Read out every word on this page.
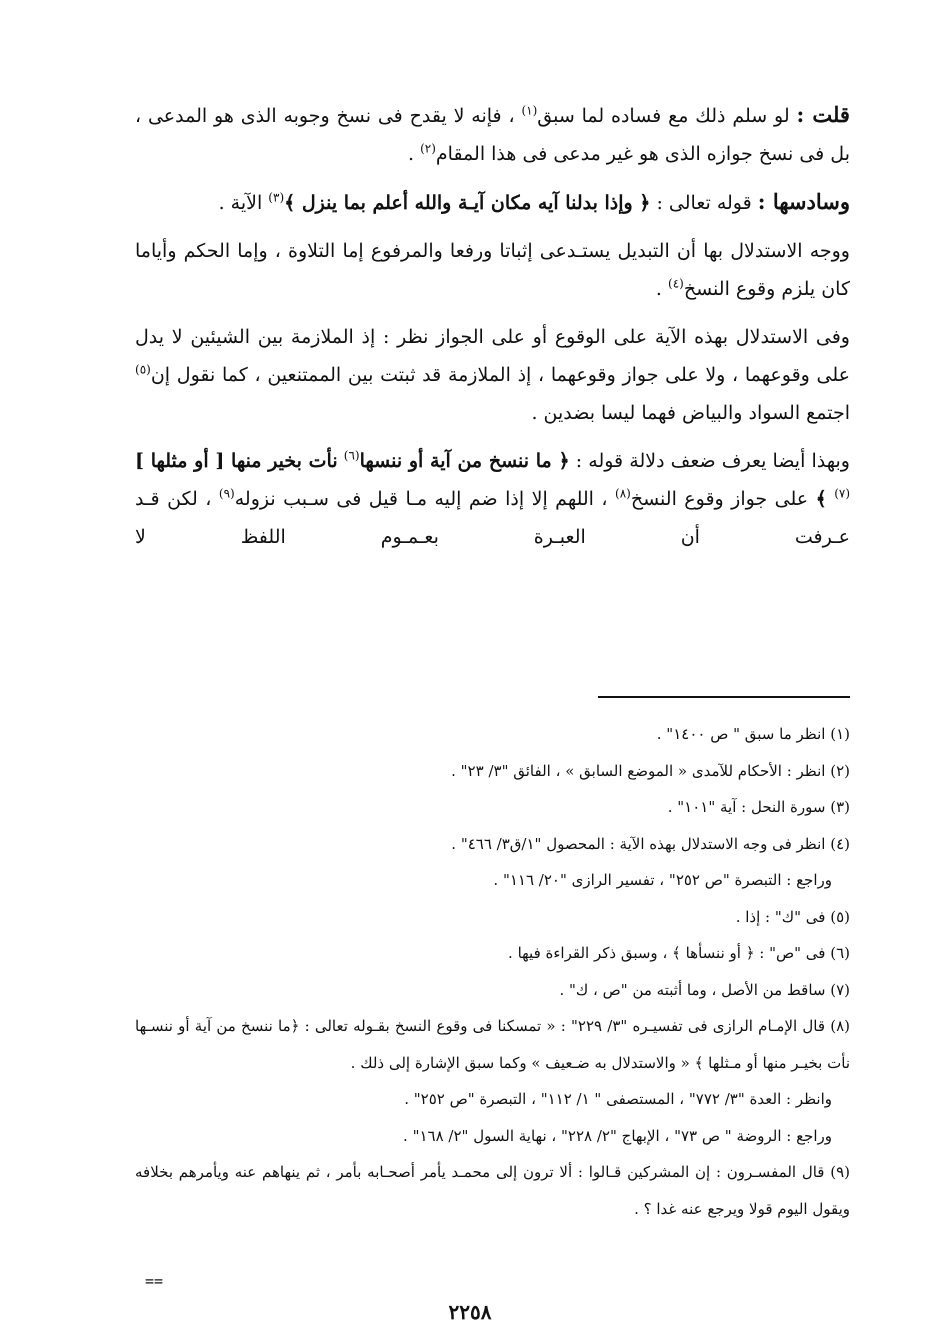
قلت : لو سلم ذلك مع فساده لما سبق$^{(١)}$ ، فإنه لا يقدح فى نسخ وجوبه الذى هو المدعى ، بل فى نسخ جوازه الذى هو غير مدعى فى هذا المقام$^{(٢)}$ .

وسادسها : قوله تعالى : ﴿ وإذا بدلنا آيه مكان آيـة والله أعلم بما ينزل ﴾$^{(٣)}$ الآية .

ووجه الاستدلال بها أن التبديل يستـدعى إثباتا ورفعا والمرفوع إما التلاوة ، وإما الحكم وأياما كان يلزم وقوع النسخ$^{(٤)}$ .

وفى الاستدلال بهذه الآية على الوقوع أو على الجواز نظر : إذ الملازمة بين الشيئين لا يدل على وقوعهما ، ولا على جواز وقوعهما ، إذ الملازمة قد ثبتت بين الممتنعين ، كما نقول إن$^{(٥)}$ اجتمع السواد والبياض فهما ليسا بضدين .

وبهذا أيضا يعرف ضعف دلالة قوله : ﴿ ما ننسخ من آية أو ننسها$^{(٦)}$ نأت بخير منها [ أو مثلها ]$^{(٧)}$ ﴾ على جواز وقوع النسخ$^{(٨)}$ ، اللهم إلا إذا ضم إليه مـا قيل فى سـبب نزوله$^{(٩)}$ ، لكن قـد عـرفت أن العبـرة بعـمـوم اللفظ لا

(١) انظر ما سبق " ص ١٤٠٠" .
(٢) انظر : الأحكام للآمدى « الموضع السابق » ، الفائق "٣/ ٢٣" .
(٣) سورة النحل : آية "١٠١" .
(٤) انظر فى وجه الاستدلال بهذه الآية : المحصول "١/ق٣/ ٤٦٦" .
وراجع : التبصرة "ص ٢٥٢" ، تفسير الرازى "٢٠/ ١١٦" .
(٥) فى "ك" : إذا .
(٦) فى "ص" : ﴿ أو ننسأها ﴾ ، وسبق ذكر القراءة فيها .
(٧) ساقط من الأصل ، وما أثبته من "ص ، ك" .
(٨) قال الإمـام الرازى فى تفسيـره "٣/ ٢٢٩" : « تمسكنا فى وقوع النسخ بقـوله تعالى : ﴿ما ننسخ من آية أو ننسـها نأت بخيـر منها أو مـثلها ﴾ « والاستدلال به ضـعيف » وكما سبق الإشارة إلى ذلك .
وانظر : العدة "٣/ ٧٧٢" ، المستصفى " ١/ ١١٢" ، التبصرة "ص ٢٥٢" .
وراجع : الروضة " ص ٧٣" ، الإبهاج "٢/ ٢٢٨" ، نهاية السول "٢/ ١٦٨" .
(٩) قال المفسـرون : إن المشركين قـالوا : ألا ترون إلى محمـد يأمر أصحـابه بأمر ، ثم ينهاهم عنه ويأمرهم بخلافه ويقول اليوم قولا ويرجع عنه غدا ؟ .
==
٢٢٥٨
